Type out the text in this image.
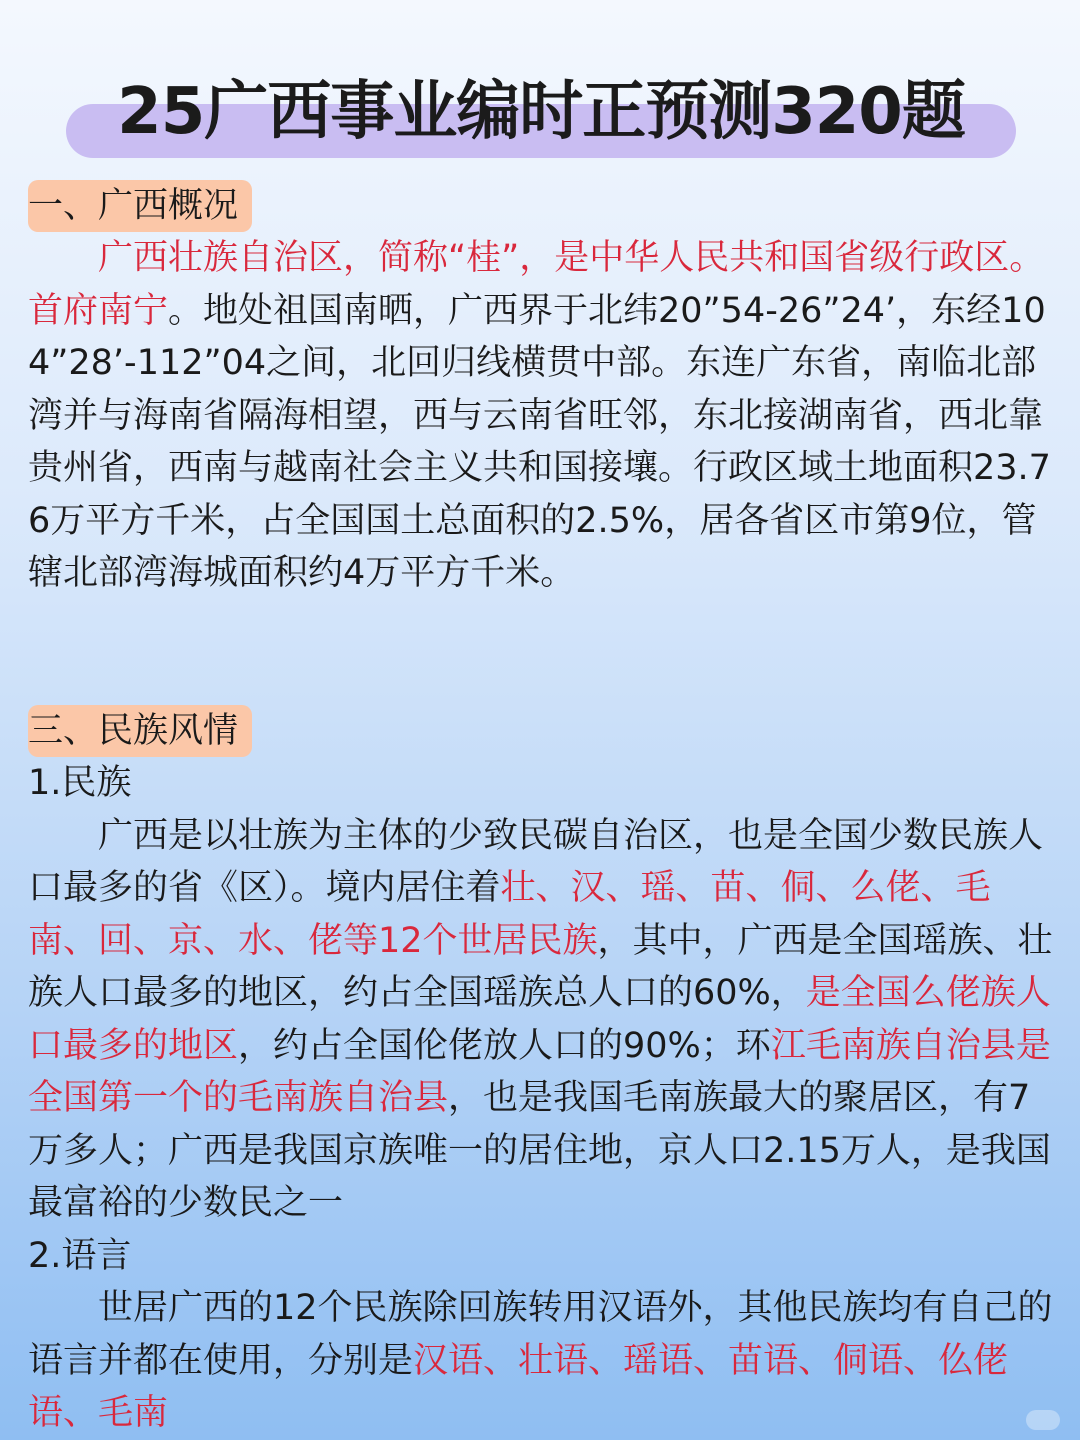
25广西事业编时正预测320题
一、广西概况

广西壮族自治区，简称“桂”，是中华人民共和国省级行政区。首府南宁。地处祖国南晒，广西界于北纬20”54-26”24’，东经104”28’-112”04之间，北回归线横贯中部。东连广东省，南临北部湾并与海南省隔海相望，西与云南省旺邻，东北接湖南省，西北靠贵州省，西南与越南社会主义共和国接壤。行政区域土地面积23.76万平方千米，占全国国土总面积的2.5%，居各省区市第9位，管辖北部湾海城面积约4万平方千米。

三、民族风情

1.民族

广西是以壮族为主体的少致民碳自治区，也是全国少数民族人口最多的省《区）。境内居住着壮、汉、瑶、苗、侗、么佬、毛南、回、京、水、佬等12个世居民族，其中，广西是全国瑶族、壮族人口最多的地区，约占全国瑶族总人口的60%，是全国么佬族人口最多的地区，约占全国伦佬放人口的90%；环江毛南族自治县是全国第一个的毛南族自治县，也是我国毛南族最大的聚居区，有7万多人；广西是我国京族唯一的居住地，京人口2.15万人，是我国最富裕的少数民之一

2.语言

世居广西的12个民族除回族转用汉语外，其他民族均有自己的语言并都在使用，分别是汉语、壮语、瑶语、苗语、侗语、仫佬语、毛南
